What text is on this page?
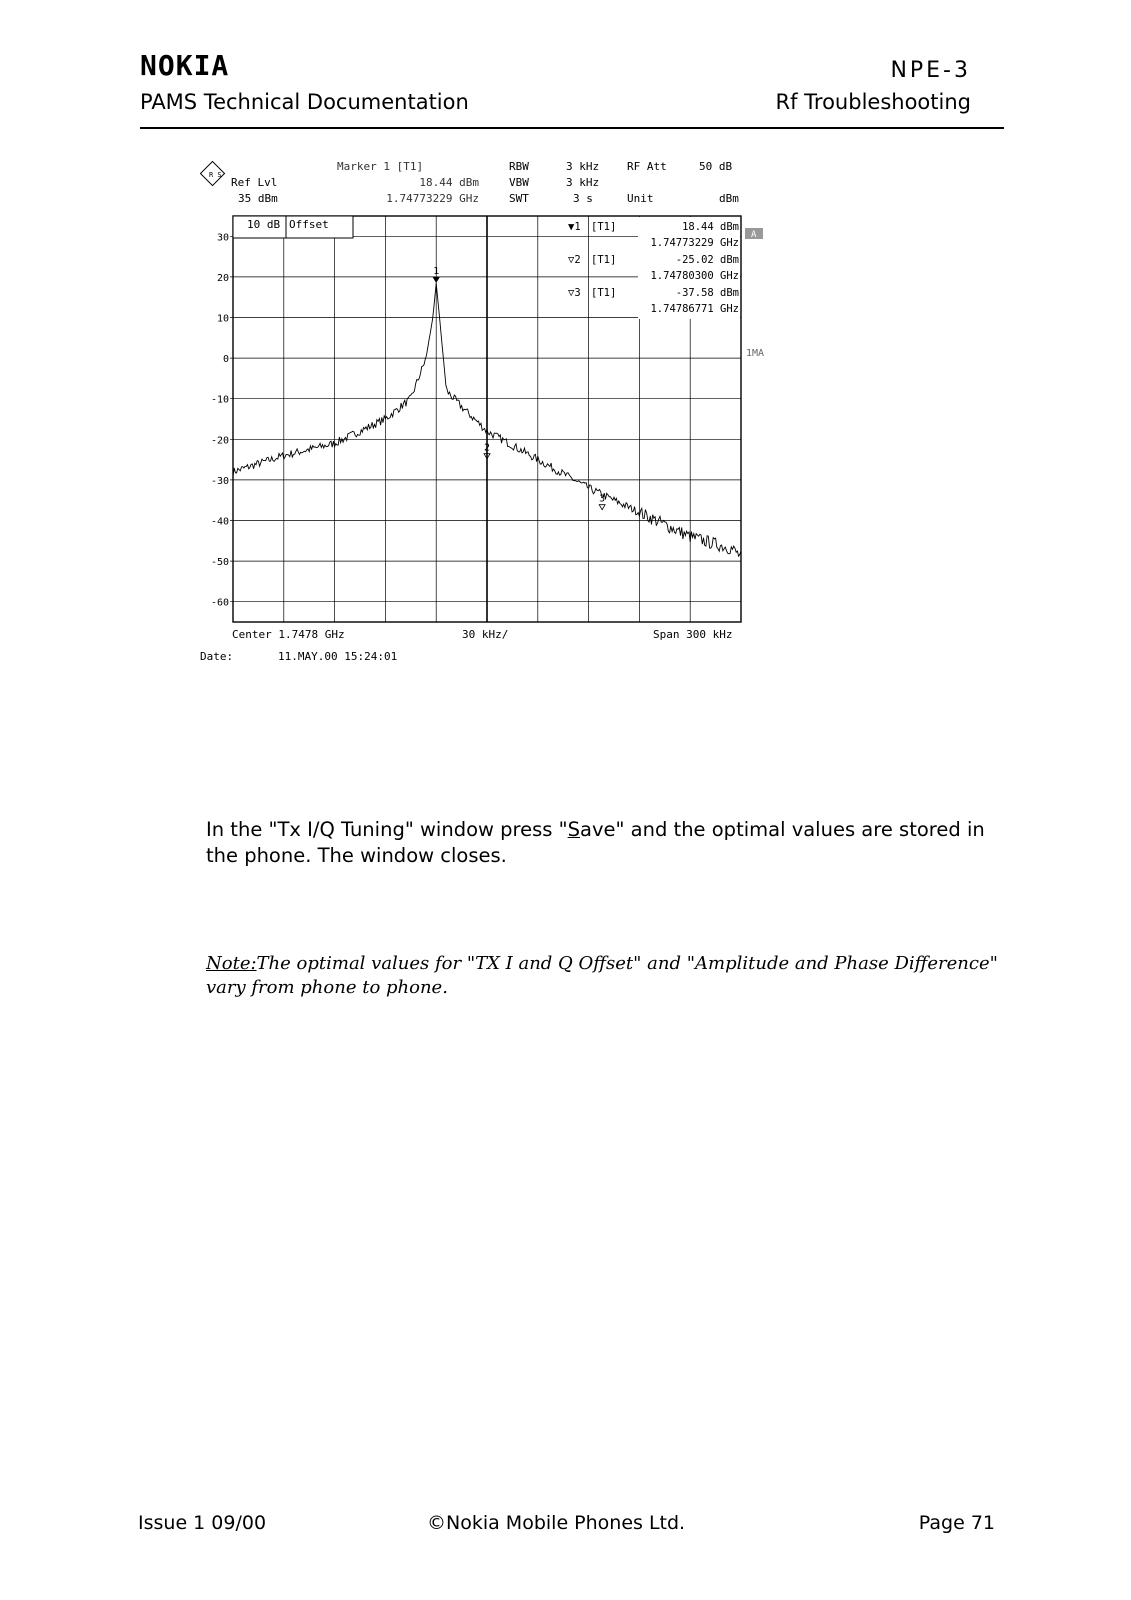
NOKIA	NPE-3
PAMS Technical Documentation	Rf Troubleshooting
R S
Ref Lvl
35 dBm
Marker 1 [T1]
18.44 dBm
1.74773229 GHz
RBW	3 kHz
VBW	3 kHz
SWT	3 s
RF Att	50 dB
Unit	dBm
30
20
10
0
-10
-20
-30
-40
-50
-60
10 dB Offset
A
1MA
▼1 [T1]	18.44 dBm
1.74773229 GHz
▽2 [T1]	-25.02 dBm
1.74780300 GHz
▽3 [T1]	-37.58 dBm
1.74786771 GHz
1
2
3
Center 1.7478 GHz	30 kHz/	Span 300 kHz
Date:	11.MAY.00 15:24:01
In the "Tx I/Q Tuning" window press "Save" and the optimal values are stored in the phone. The window closes.
Note:The optimal values for "TX I and Q Offset" and "Amplitude and Phase Difference" vary from phone to phone.
Issue 1 09/00	©Nokia Mobile Phones Ltd.	Page 71
